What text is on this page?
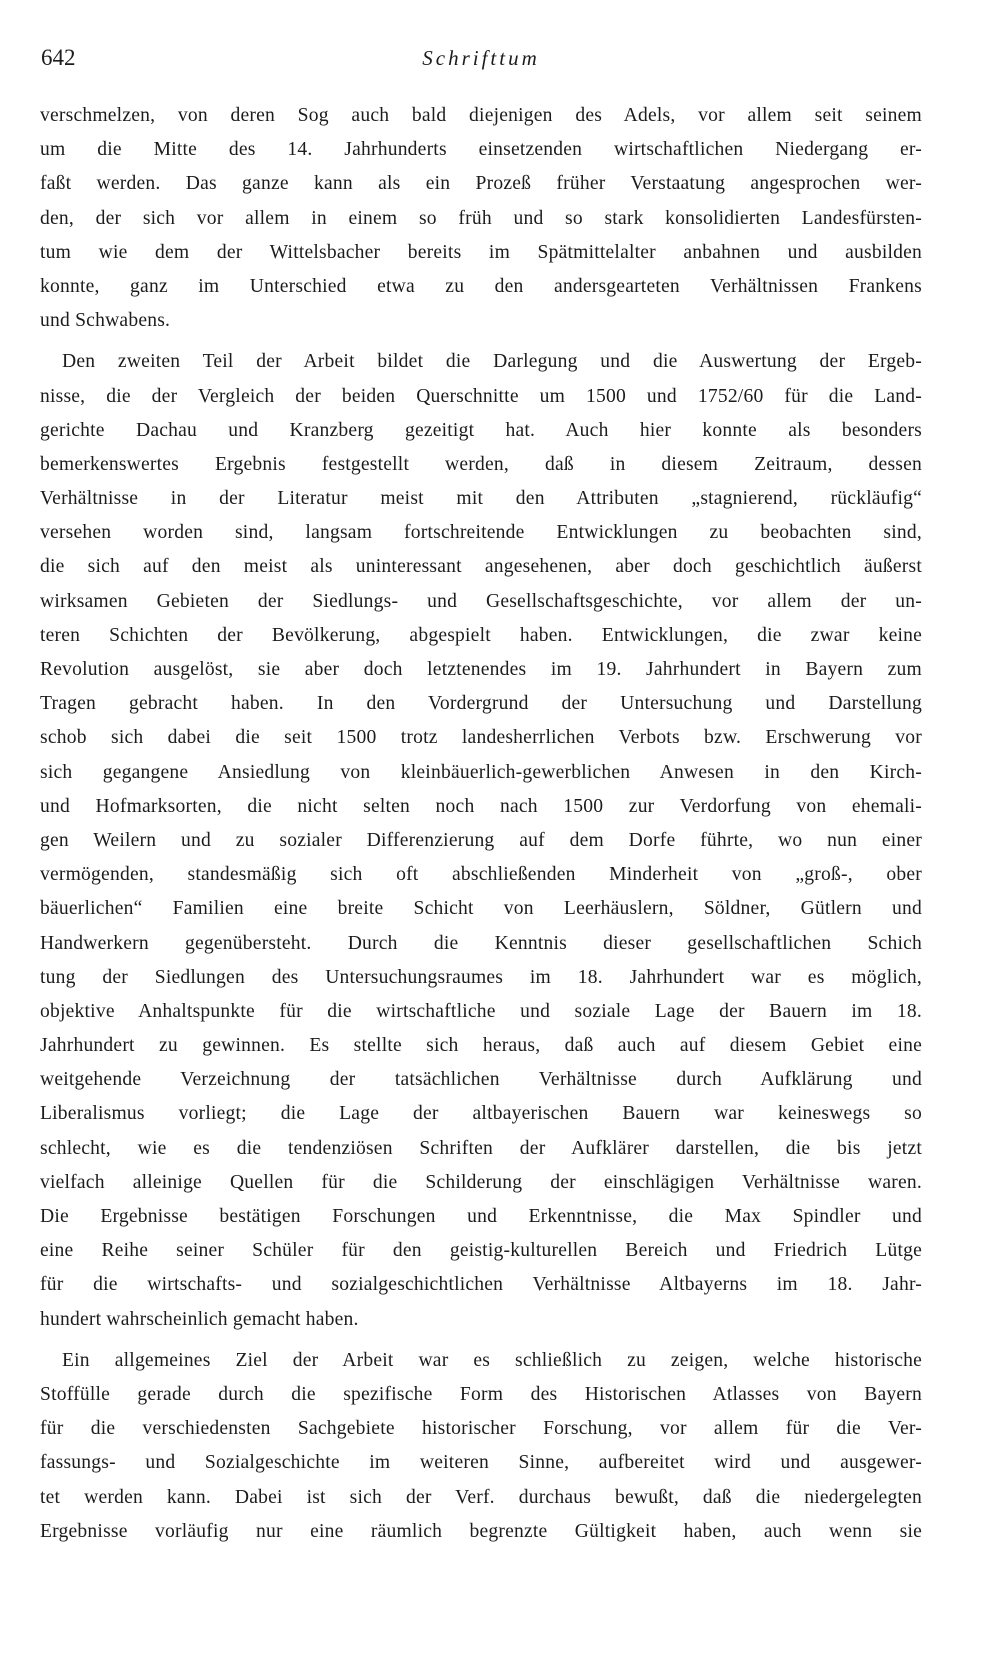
642	Schrifttum
verschmelzen, von deren Sog auch bald diejenigen des Adels, vor allem seit seinem
um die Mitte des 14. Jahrhunderts einsetzenden wirtschaftlichen Niedergang er-
faßt werden. Das ganze kann als ein Prozeß früher Verstaatung angesprochen wer-
den, der sich vor allem in einem so früh und so stark konsolidierten Landesfürsten-
tum wie dem der Wittelsbacher bereits im Spätmittelalter anbahnen und ausbilden
konnte, ganz im Unterschied etwa zu den andersgearteten Verhältnissen Frankens
und Schwabens.
Den zweiten Teil der Arbeit bildet die Darlegung und die Auswertung der Ergeb-
nisse, die der Vergleich der beiden Querschnitte um 1500 und 1752/60 für die Land-
gerichte Dachau und Kranzberg gezeitigt hat. Auch hier konnte als besonders
bemerkenswertes Ergebnis festgestellt werden, daß in diesem Zeitraum, dessen
Verhältnisse in der Literatur meist mit den Attributen „stagnierend, rückläufig“
versehen worden sind, langsam fortschreitende Entwicklungen zu beobachten sind,
die sich auf den meist als uninteressant angesehenen, aber doch geschichtlich äußerst
wirksamen Gebieten der Siedlungs- und Gesellschaftsgeschichte, vor allem der un-
teren Schichten der Bevölkerung, abgespielt haben. Entwicklungen, die zwar keine
Revolution ausgelöst, sie aber doch letztenendes im 19. Jahrhundert in Bayern zum
Tragen gebracht haben. In den Vordergrund der Untersuchung und Darstellung
schob sich dabei die seit 1500 trotz landesherrlichen Verbots bzw. Erschwerung vor
sich gegangene Ansiedlung von kleinbäuerlich-gewerblichen Anwesen in den Kirch-
und Hofmarksorten, die nicht selten noch nach 1500 zur Verdorfung von ehemali-
gen Weilern und zu sozialer Differenzierung auf dem Dorfe führte, wo nun einer
vermögenden, standesmäßig sich oft abschließenden Minderheit von „groß-, ober
bäuerlichen“ Familien eine breite Schicht von Leerhäuslern, Söldner, Gütlern und
Handwerkern gegenübersteht. Durch die Kenntnis dieser gesellschaftlichen Schich
tung der Siedlungen des Untersuchungsraumes im 18. Jahrhundert war es möglich,
objektive Anhaltspunkte für die wirtschaftliche und soziale Lage der Bauern im 18.
Jahrhundert zu gewinnen. Es stellte sich heraus, daß auch auf diesem Gebiet eine
weitgehende Verzeichnung der tatsächlichen Verhältnisse durch Aufklärung und
Liberalismus vorliegt; die Lage der altbayerischen Bauern war keineswegs so
schlecht, wie es die tendenziösen Schriften der Aufklärer darstellen, die bis jetzt
vielfach alleinige Quellen für die Schilderung der einschlägigen Verhältnisse waren.
Die Ergebnisse bestätigen Forschungen und Erkenntnisse, die Max Spindler und
eine Reihe seiner Schüler für den geistig-kulturellen Bereich und Friedrich Lütge
für die wirtschafts- und sozialgeschichtlichen Verhältnisse Altbayerns im 18. Jahr-
hundert wahrscheinlich gemacht haben.
Ein allgemeines Ziel der Arbeit war es schließlich zu zeigen, welche historische
Stoffülle gerade durch die spezifische Form des Historischen Atlasses von Bayern
für die verschiedensten Sachgebiete historischer Forschung, vor allem für die Ver-
fassungs- und Sozialgeschichte im weiteren Sinne, aufbereitet wird und ausgewer-
tet werden kann. Dabei ist sich der Verf. durchaus bewußt, daß die niedergelegten
Ergebnisse vorläufig nur eine räumlich begrenzte Gültigkeit haben, auch wenn sie
